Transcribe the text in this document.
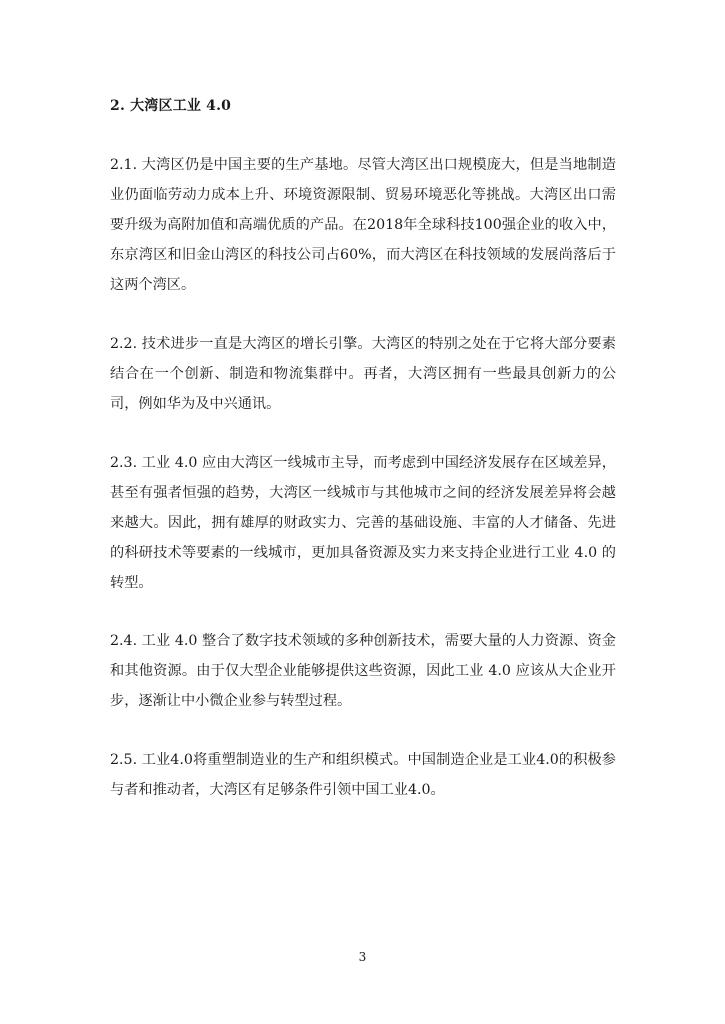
2. 大湾区工业 4.0

2.1. 大湾区仍是中国主要的生产基地。尽管大湾区出口规模庞大，但是当地制造业仍面临劳动力成本上升、环境资源限制、贸易环境恶化等挑战。大湾区出口需要升级为高附加值和高端优质的产品。在2018年全球科技100强企业的收入中，东京湾区和旧金山湾区的科技公司占60%，而大湾区在科技领域的发展尚落后于这两个湾区。

2.2. 技术进步一直是大湾区的增长引擎。大湾区的特别之处在于它将大部分要素结合在一个创新、制造和物流集群中。再者，大湾区拥有一些最具创新力的公司，例如华为及中兴通讯。

2.3. 工业 4.0 应由大湾区一线城市主导，而考虑到中国经济发展存在区域差异，甚至有强者恒强的趋势，大湾区一线城市与其他城市之间的经济发展差异将会越来越大。因此，拥有雄厚的财政实力、完善的基础设施、丰富的人才储备、先进的科研技术等要素的一线城市，更加具备资源及实力来支持企业进行工业 4.0 的转型。

2.4. 工业 4.0 整合了数字技术领域的多种创新技术，需要大量的人力资源、资金和其他资源。由于仅大型企业能够提供这些资源，因此工业 4.0 应该从大企业开步，逐渐让中小微企业参与转型过程。

2.5. 工业4.0将重塑制造业的生产和组织模式。中国制造企业是工业4.0的积极参与者和推动者，大湾区有足够条件引领中国工业4.0。

3
